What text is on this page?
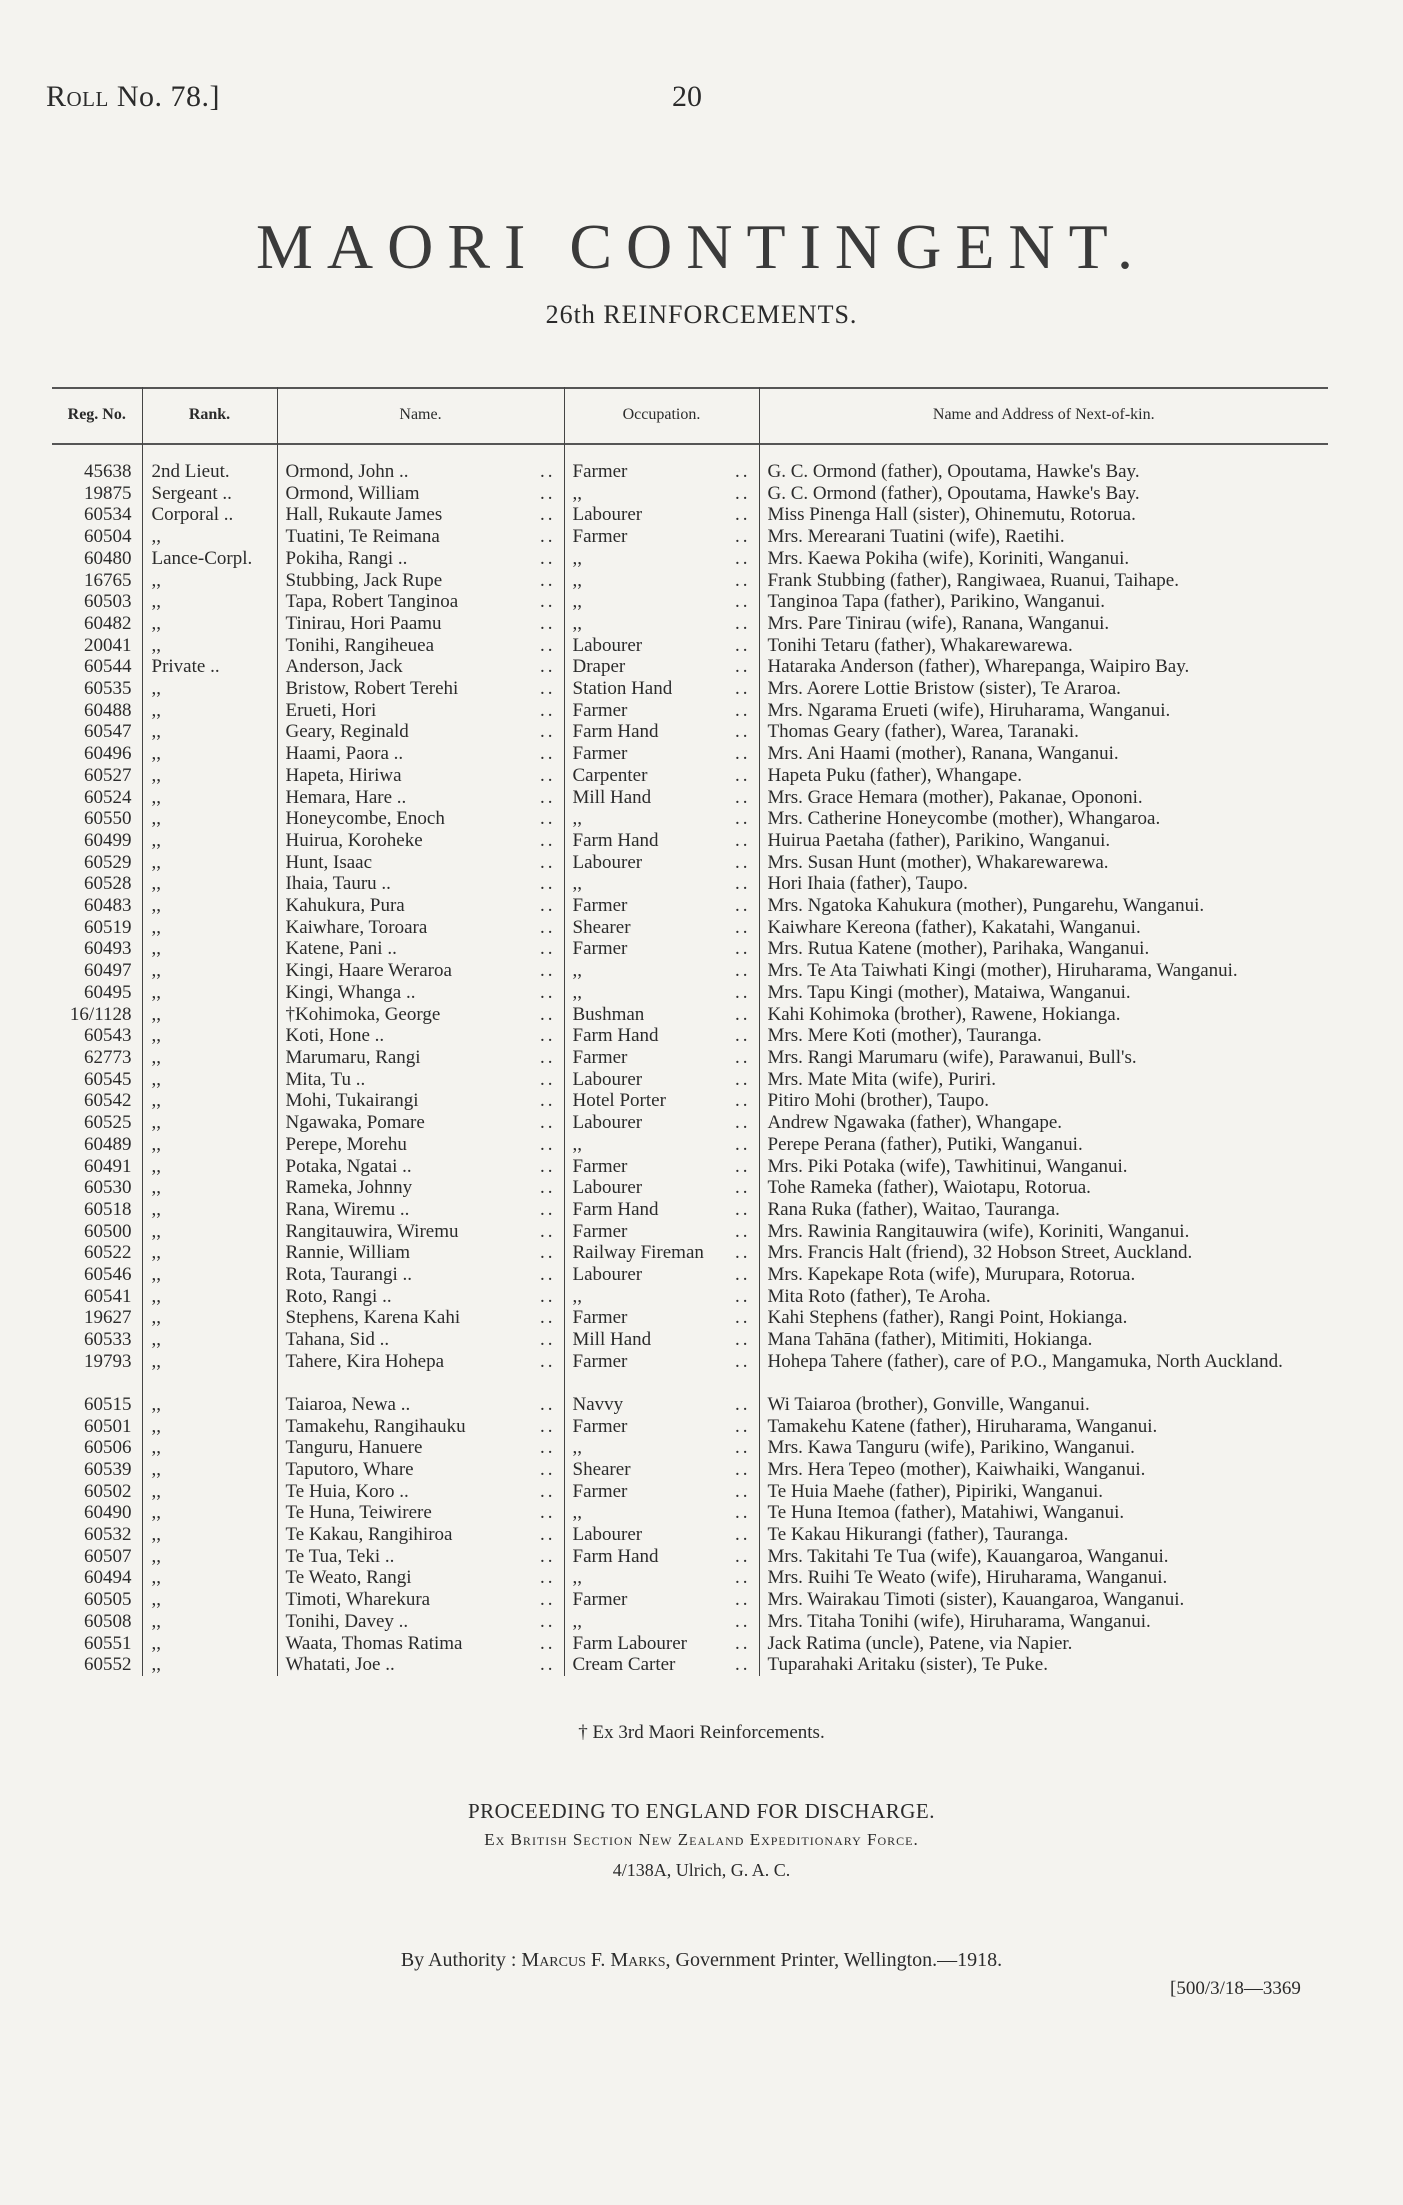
Roll No. 78.]	20
MAORI CONTINGENT.
26th REINFORCEMENTS.
Reg. No.	Rank.	Name.	Occupation.	Name and Address of Next-of-kin.

45638	2nd Lieut.	Ormond, John .. ..	Farmer ..	G. C. Ormond (father), Opoutama, Hawke's Bay.
19875	Sergeant ..	Ormond, William ..	,, ..	G. C. Ormond (father), Opoutama, Hawke's Bay.
60534	Corporal ..	Hall, Rukaute James ..	Labourer ..	Miss Pinenga Hall (sister), Ohinemutu, Rotorua.
60504	,,	Tuatini, Te Reimana ..	Farmer ..	Mrs. Merearani Tuatini (wife), Raetihi.
60480	Lance-Corpl.	Pokiha, Rangi .. ..	,, ..	Mrs. Kaewa Pokiha (wife), Koriniti, Wanganui.
16765	,,	Stubbing, Jack Rupe ..	,, ..	Frank Stubbing (father), Rangiwaea, Ruanui, Taihape.
60503	,,	Tapa, Robert Tanginoa ..	,, ..	Tanginoa Tapa (father), Parikino, Wanganui.
60482	,,	Tinirau, Hori Paamu ..	,, ..	Mrs. Pare Tinirau (wife), Ranana, Wanganui.
20041	,,	Tonihi, Rangiheuea ..	Labourer ..	Tonihi Tetaru (father), Whakarewarewa.
60544	Private ..	Anderson, Jack ..	Draper ..	Hataraka Anderson (father), Wharepanga, Waipiro Bay.
60535	,,	Bristow, Robert Terehi ..	Station Hand ..	Mrs. Aorere Lottie Bristow (sister), Te Araroa.
60488	,,	Erueti, Hori ..	Farmer ..	Mrs. Ngarama Erueti (wife), Hiruharama, Wanganui.
60547	,,	Geary, Reginald ..	Farm Hand ..	Thomas Geary (father), Warea, Taranaki.
60496	,,	Haami, Paora .. ..	Farmer ..	Mrs. Ani Haami (mother), Ranana, Wanganui.
60527	,,	Hapeta, Hiriwa ..	Carpenter ..	Hapeta Puku (father), Whangape.
60524	,,	Hemara, Hare .. ..	Mill Hand ..	Mrs. Grace Hemara (mother), Pakanae, Opononi.
60550	,,	Honeycombe, Enoch ..	,, ..	Mrs. Catherine Honeycombe (mother), Whangaroa.
60499	,,	Huirua, Koroheke ..	Farm Hand ..	Huirua Paetaha (father), Parikino, Wanganui.
60529	,,	Hunt, Isaac ..	Labourer ..	Mrs. Susan Hunt (mother), Whakarewarewa.
60528	,,	Ihaia, Tauru .. ..	,, ..	Hori Ihaia (father), Taupo.
60483	,,	Kahukura, Pura ..	Farmer ..	Mrs. Ngatoka Kahukura (mother), Pungarehu, Wanganui.
60519	,,	Kaiwhare, Toroara ..	Shearer ..	Kaiwhare Kereona (father), Kakatahi, Wanganui.
60493	,,	Katene, Pani .. ..	Farmer ..	Mrs. Rutua Katene (mother), Parihaka, Wanganui.
60497	,,	Kingi, Haare Weraroa ..	,, ..	Mrs. Te Ata Taiwhati Kingi (mother), Hiruharama, Wanganui.
60495	,,	Kingi, Whanga .. ..	,, ..	Mrs. Tapu Kingi (mother), Mataiwa, Wanganui.
16/1128	,,	†Kohimoka, George ..	Bushman ..	Kahi Kohimoka (brother), Rawene, Hokianga.
60543	,,	Koti, Hone .. ..	Farm Hand ..	Mrs. Mere Koti (mother), Tauranga.
62773	,,	Marumaru, Rangi ..	Farmer ..	Mrs. Rangi Marumaru (wife), Parawanui, Bull's.
60545	,,	Mita, Tu .. ..	Labourer ..	Mrs. Mate Mita (wife), Puriri.
60542	,,	Mohi, Tukairangi ..	Hotel Porter ..	Pitiro Mohi (brother), Taupo.
60525	,,	Ngawaka, Pomare ..	Labourer ..	Andrew Ngawaka (father), Whangape.
60489	,,	Perepe, Morehu ..	,, ..	Perepe Perana (father), Putiki, Wanganui.
60491	,,	Potaka, Ngatai .. ..	Farmer ..	Mrs. Piki Potaka (wife), Tawhitinui, Wanganui.
60530	,,	Rameka, Johnny ..	Labourer ..	Tohe Rameka (father), Waiotapu, Rotorua.
60518	,,	Rana, Wiremu .. ..	Farm Hand ..	Rana Ruka (father), Waitao, Tauranga.
60500	,,	Rangitauwira, Wiremu ..	Farmer ..	Mrs. Rawinia Rangitauwira (wife), Koriniti, Wanganui.
60522	,,	Rannie, William ..	Railway Fireman ..	Mrs. Francis Halt (friend), 32 Hobson Street, Auckland.
60546	,,	Rota, Taurangi .. ..	Labourer ..	Mrs. Kapekape Rota (wife), Murupara, Rotorua.
60541	,,	Roto, Rangi .. ..	,, ..	Mita Roto (father), Te Aroha.
19627	,,	Stephens, Karena Kahi ..	Farmer ..	Kahi Stephens (father), Rangi Point, Hokianga.
60533	,,	Tahana, Sid .. ..	Mill Hand ..	Mana Tahāna (father), Mitimiti, Hokianga.
19793	,,	Tahere, Kira Hohepa ..	Farmer ..	Hohepa Tahere (father), care of P.O., Mangamuka, North Auckland.
60515	,,	Taiaroa, Newa .. ..	Navvy ..	Wi Taiaroa (brother), Gonville, Wanganui.
60501	,,	Tamakehu, Rangihauku ..	Farmer ..	Tamakehu Katene (father), Hiruharama, Wanganui.
60506	,,	Tanguru, Hanuere ..	,, ..	Mrs. Kawa Tanguru (wife), Parikino, Wanganui.
60539	,,	Taputoro, Whare ..	Shearer ..	Mrs. Hera Tepeo (mother), Kaiwhaiki, Wanganui.
60502	,,	Te Huia, Koro .. ..	Farmer ..	Te Huia Maehe (father), Pipiriki, Wanganui.
60490	,,	Te Huna, Teiwirere ..	,, ..	Te Huna Itemoa (father), Matahiwi, Wanganui.
60532	,,	Te Kakau, Rangihiroa ..	Labourer ..	Te Kakau Hikurangi (father), Tauranga.
60507	,,	Te Tua, Teki .. ..	Farm Hand ..	Mrs. Takitahi Te Tua (wife), Kauangaroa, Wanganui.
60494	,,	Te Weato, Rangi ..	,, ..	Mrs. Ruihi Te Weato (wife), Hiruharama, Wanganui.
60505	,,	Timoti, Wharekura ..	Farmer ..	Mrs. Wairakau Timoti (sister), Kauangaroa, Wanganui.
60508	,,	Tonihi, Davey .. ..	,, ..	Mrs. Titaha Tonihi (wife), Hiruharama, Wanganui.
60551	,,	Waata, Thomas Ratima ..	Farm Labourer ..	Jack Ratima (uncle), Patene, via Napier.
60552	,,	Whatati, Joe .. ..	Cream Carter ..	Tuparahaki Aritaku (sister), Te Puke.
† Ex 3rd Maori Reinforcements.
PROCEEDING TO ENGLAND FOR DISCHARGE.
Ex British Section New Zealand Expeditionary Force.
4/138A, Ulrich, G. A. C.
By Authority : Marcus F. Marks, Government Printer, Wellington.—1918.
[500/3/18—3369
